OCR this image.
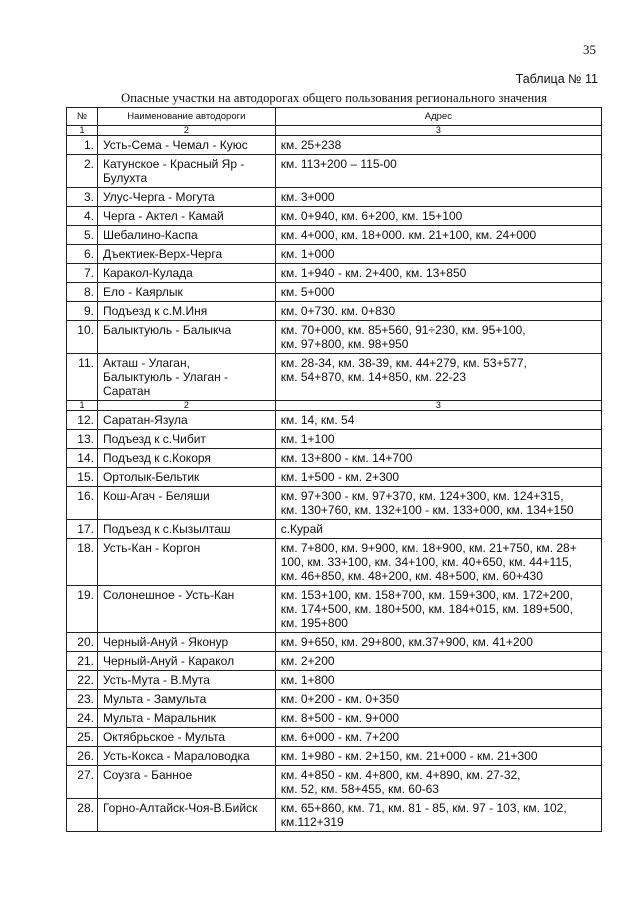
35
Таблица № 11
Опасные участки на автодорогах общего пользования регионального значения
№	Наименование автодороги	Адрес
1	2	3
1.	Усть-Сема - Чемал - Куюс	км. 25+238
2.	Катунское - Красный Яр -
Булухта	км. 113+200 – 115-00
3.	Улус-Черга - Могута	км. 3+000
4.	Черга - Актел - Камай	км. 0+940, км. 6+200, км. 15+100
5.	Шебалино-Каспа	км. 4+000, км. 18+000. км. 21+100, км. 24+000
6.	Дъектиек-Верх-Черга	км. 1+000
7.	Каракол-Кулада	км. 1+940 - км. 2+400, км. 13+850
8.	Ело - Каярлык	км. 5+000
9.	Подъезд к с.М.Иня	км. 0+730. км. 0+830
10.	Балыктуюль - Балыкча	км. 70+000, км. 85+560, 91÷230, км. 95+100,
км. 97+800, км. 98+950
11.	Акташ - Улаган,
Балыктуюль - Улаган -
Саратан	км. 28-34, км. 38-39, км. 44+279, км. 53+577,
км. 54+870, км. 14+850, км. 22-23
1	2	3
12.	Саратан-Язула	км. 14, км. 54
13.	Подъезд к с.Чибит	км. 1+100
14.	Подъезд к с.Кокоря	км. 13+800 - км. 14+700
15.	Ортолык-Бельтик	км. 1+500 - км. 2+300
16.	Кош-Агач - Беляши	км. 97+300 - км. 97+370, км. 124+300, км. 124+315,
км. 130+760, км. 132+100 - км. 133+000, км. 134+150
17.	Подъезд к с.Кызылташ	с.Курай
18.	Усть-Кан - Коргон	км. 7+800, км. 9+900, км. 18+900, км. 21+750, км. 28+
100, км. 33+100, км. 34+100, км. 40+650, км. 44+115,
км. 46+850, км. 48+200, км. 48+500, км. 60+430
19.	Солонешное - Усть-Кан	км. 153+100, км. 158+700, км. 159+300, км. 172+200,
км. 174+500, км. 180+500, км. 184+015, км. 189+500,
км. 195+800
20.	Черный-Ануй - Яконур	км. 9+650, км. 29+800, км.37+900, км. 41+200
21.	Черный-Ануй - Каракол	км. 2+200
22.	Усть-Мута - В.Мута	км. 1+800
23.	Мульта - Замульта	км. 0+200 - км. 0+350
24.	Мульта - Маральник	км. 8+500 - км. 9+000
25.	Октябрьское - Мульта	км. 6+000 - км. 7+200
26.	Усть-Кокса - Мараловодка	км. 1+980 - км. 2+150, км. 21+000 - км. 21+300
27.	Соузга - Банное	км. 4+850 - км. 4+800, км. 4+890, км. 27-32,
км. 52, км. 58+455, км. 60-63
28.	Горно-Алтайск-Чоя-В.Бийск	км. 65+860, км. 71, км. 81 - 85, км. 97 - 103, км. 102,
км.112+319
